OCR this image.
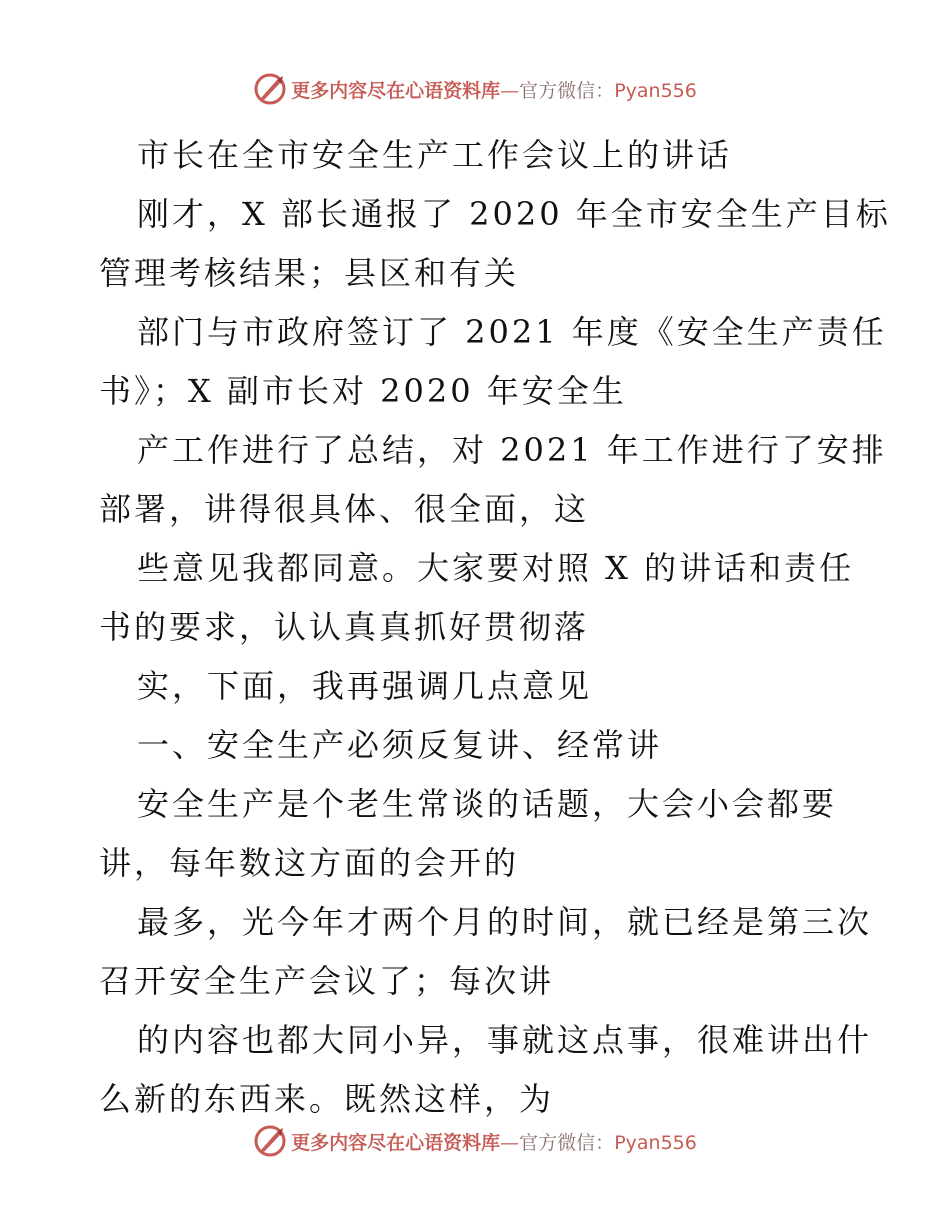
更多内容尽在心语资料库—官方微信：Pyan556
市长在全市安全生产工作会议上的讲话
刚才，X 部长通报了 2020 年全市安全生产目标
管理考核结果；县区和有关
部门与市政府签订了 2021 年度《安全生产责任
书》；X 副市长对 2020 年安全生
产工作进行了总结，对 2021 年工作进行了安排
部署，讲得很具体、很全面，这
些意见我都同意。大家要对照 X 的讲话和责任
书的要求，认认真真抓好贯彻落
实，下面，我再强调几点意见
一、安全生产必须反复讲、经常讲
安全生产是个老生常谈的话题，大会小会都要
讲，每年数这方面的会开的
最多，光今年才两个月的时间，就已经是第三次
召开安全生产会议了；每次讲
的内容也都大同小异，事就这点事，很难讲出什
么新的东西来。既然这样，为
更多内容尽在心语资料库—官方微信：Pyan556
